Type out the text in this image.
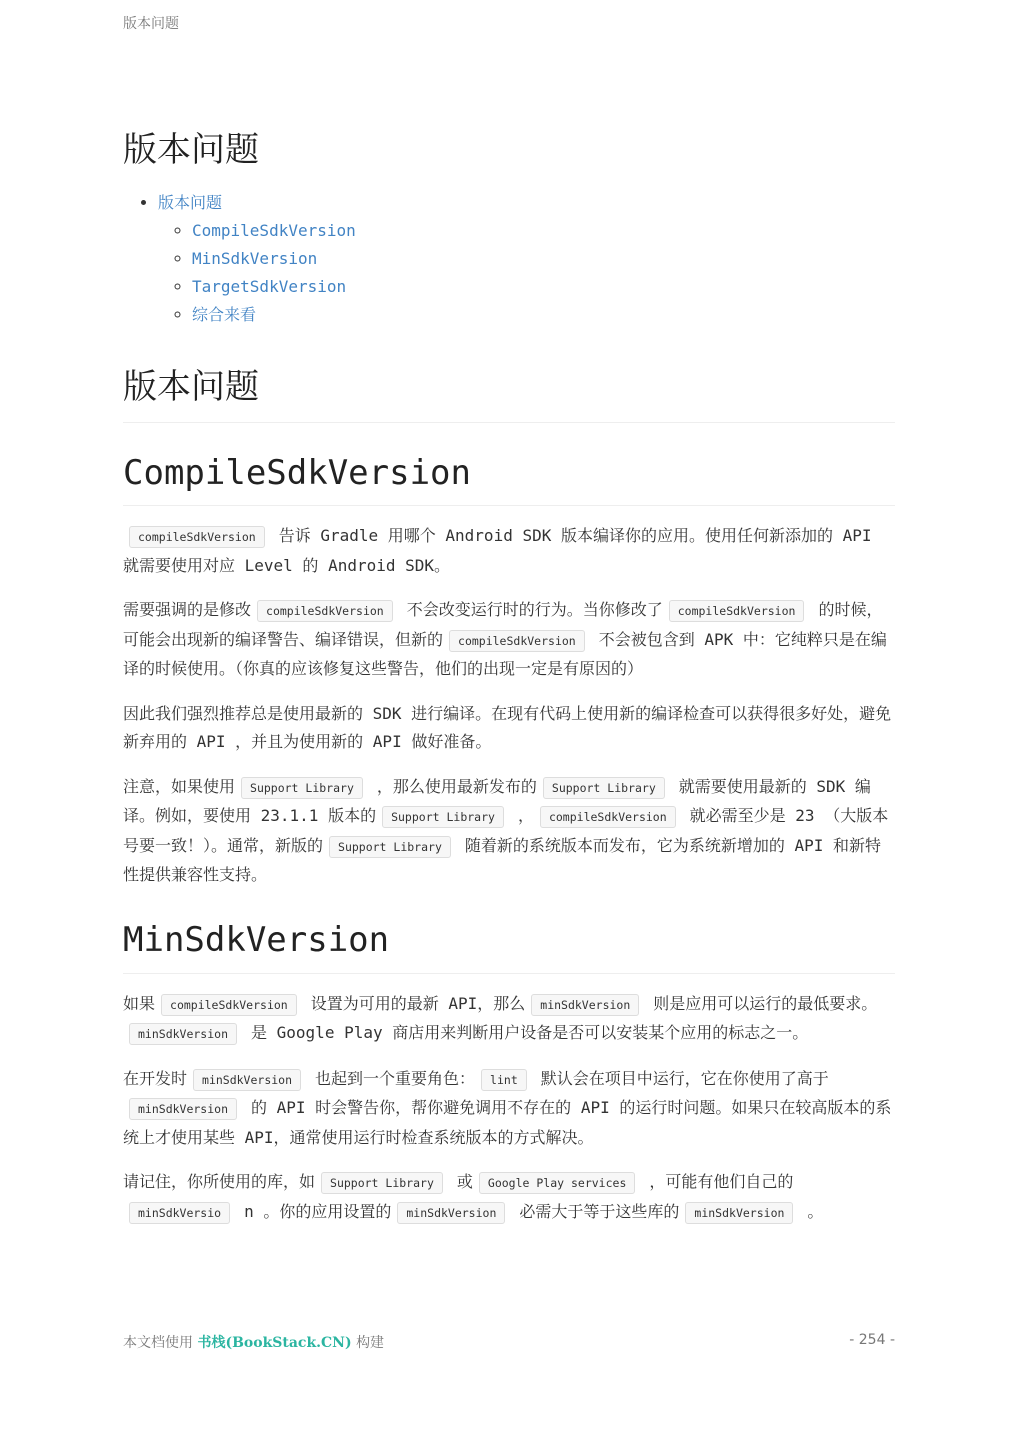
版本问题
版本问题
• 版本问题
◦ CompileSdkVersion
◦ MinSdkVersion
◦ TargetSdkVersion
◦ 综合来看
版本问题
CompileSdkVersion

compileSdkVersion 告诉 Gradle 用哪个 Android SDK 版本编译你的应用。使用任何新添加的 API 就需要使用对应 Level 的 Android SDK。

需要强调的是修改 compileSdkVersion 不会改变运行时的行为。当你修改了 compileSdkVersion 的时候，可能会出现新的编译警告、编译错误，但新的 compileSdkVersion 不会被包含到 APK 中：它纯粹只是在编译的时候使用。（你真的应该修复这些警告，他们的出现一定是有原因的）

因此我们强烈推荐总是使用最新的 SDK 进行编译。在现有代码上使用新的编译检查可以获得很多好处，避免新弃用的 API ，并且为使用新的 API 做好准备。

注意，如果使用 Support Library ，那么使用最新发布的 Support Library 就需要使用最新的 SDK 编译。例如，要使用 23.1.1 版本的 Support Library ， compileSdkVersion 就必需至少是 23 （大版本号要一致！）。通常，新版的 Support Library 随着新的系统版本而发布，它为系统新增加的 API 和新特性提供兼容性支持。

MinSdkVersion

如果 compileSdkVersion 设置为可用的最新 API，那么 minSdkVersion 则是应用可以运行的最低要求。minSdkVersion 是 Google Play 商店用来判断用户设备是否可以安装某个应用的标志之一。

在开发时 minSdkVersion 也起到一个重要角色： lint 默认会在项目中运行，它在你使用了高于minSdkVersion 的 API 时会警告你，帮你避免调用不存在的 API 的运行时问题。如果只在较高版本的系统上才使用某些 API，通常使用运行时检查系统版本的方式解决。

请记住，你所使用的库，如 Support Library 或 Google Play services ，可能有他们自己的minSdkVersio n 。你的应用设置的 minSdkVersion 必需大于等于这些库的 minSdkVersion 。

本文档使用 书栈(BookStack.CN) 构建	- 254 -
